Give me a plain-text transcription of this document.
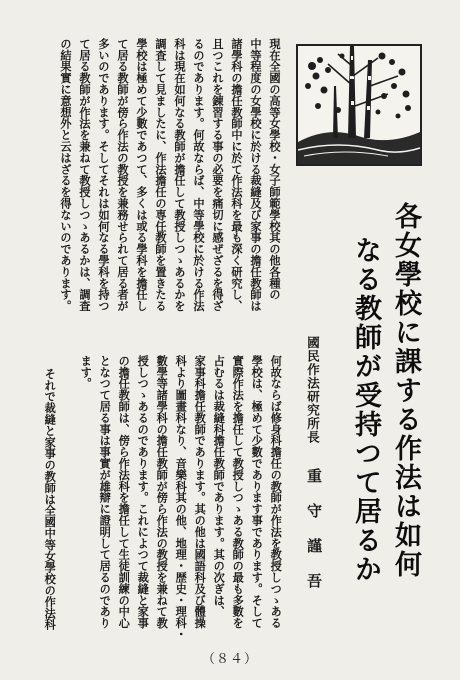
現在全國の高等女學校・女子師範學校其の他各種の
中等程度の女學校に於ける裁縫及び家事の擔任教師は
諸學科の擔任教師中に於て作法科を最も深く研究し、
且つこれを錬習する事の必要を痛切に感ぜざるを得ざ
るのであります。何故ならば、中等學校に於ける作法
科は現在如何なる教師が擔任して教授しつゝあるかを
調査して見ましたに、作法擔任の専任教師を置きたる
學校は極めて少數であつて、多くは或る學科を擔任し
て居る教師が傍ら作法の教授を兼務せられて居る者が
多いのであります。そしてそれは如何なる學科を持つ
て居る教師が作法を兼ねて教授しつゝあるかは、調査
の結果實に意想外と云はざるを得ないのであります。
各女學校に課する作法は如何
なる教師が受持つて居るか
國民作法研究所長
重守謹吾
何故ならば修身科擔任の教師が作法を教授しつゝある
學校は、極めて少數であります事であります。そして
實際作法を擔任して教授しつゝある教師の最も多數を
占むるは裁縫科擔任教師であります。其の次ぎは、
家事科擔任教師であります。其の他は國語科及び體操
科より圖畫科なり、音樂科其の他、地理・歴史・理科・
數學等諸學科の擔任教師が傍ら作法の教授を兼ねて教
授しつゝあるのであります。これによつて裁縫と家事
の擔任教師は、傍ら作法科を擔任して生徒訓練の中心
となつて居る事は事實が雄辯に證明して居るのであり
ます。
それで裁縫と家事の教師は全國中等女學校の作法科
（８４）
